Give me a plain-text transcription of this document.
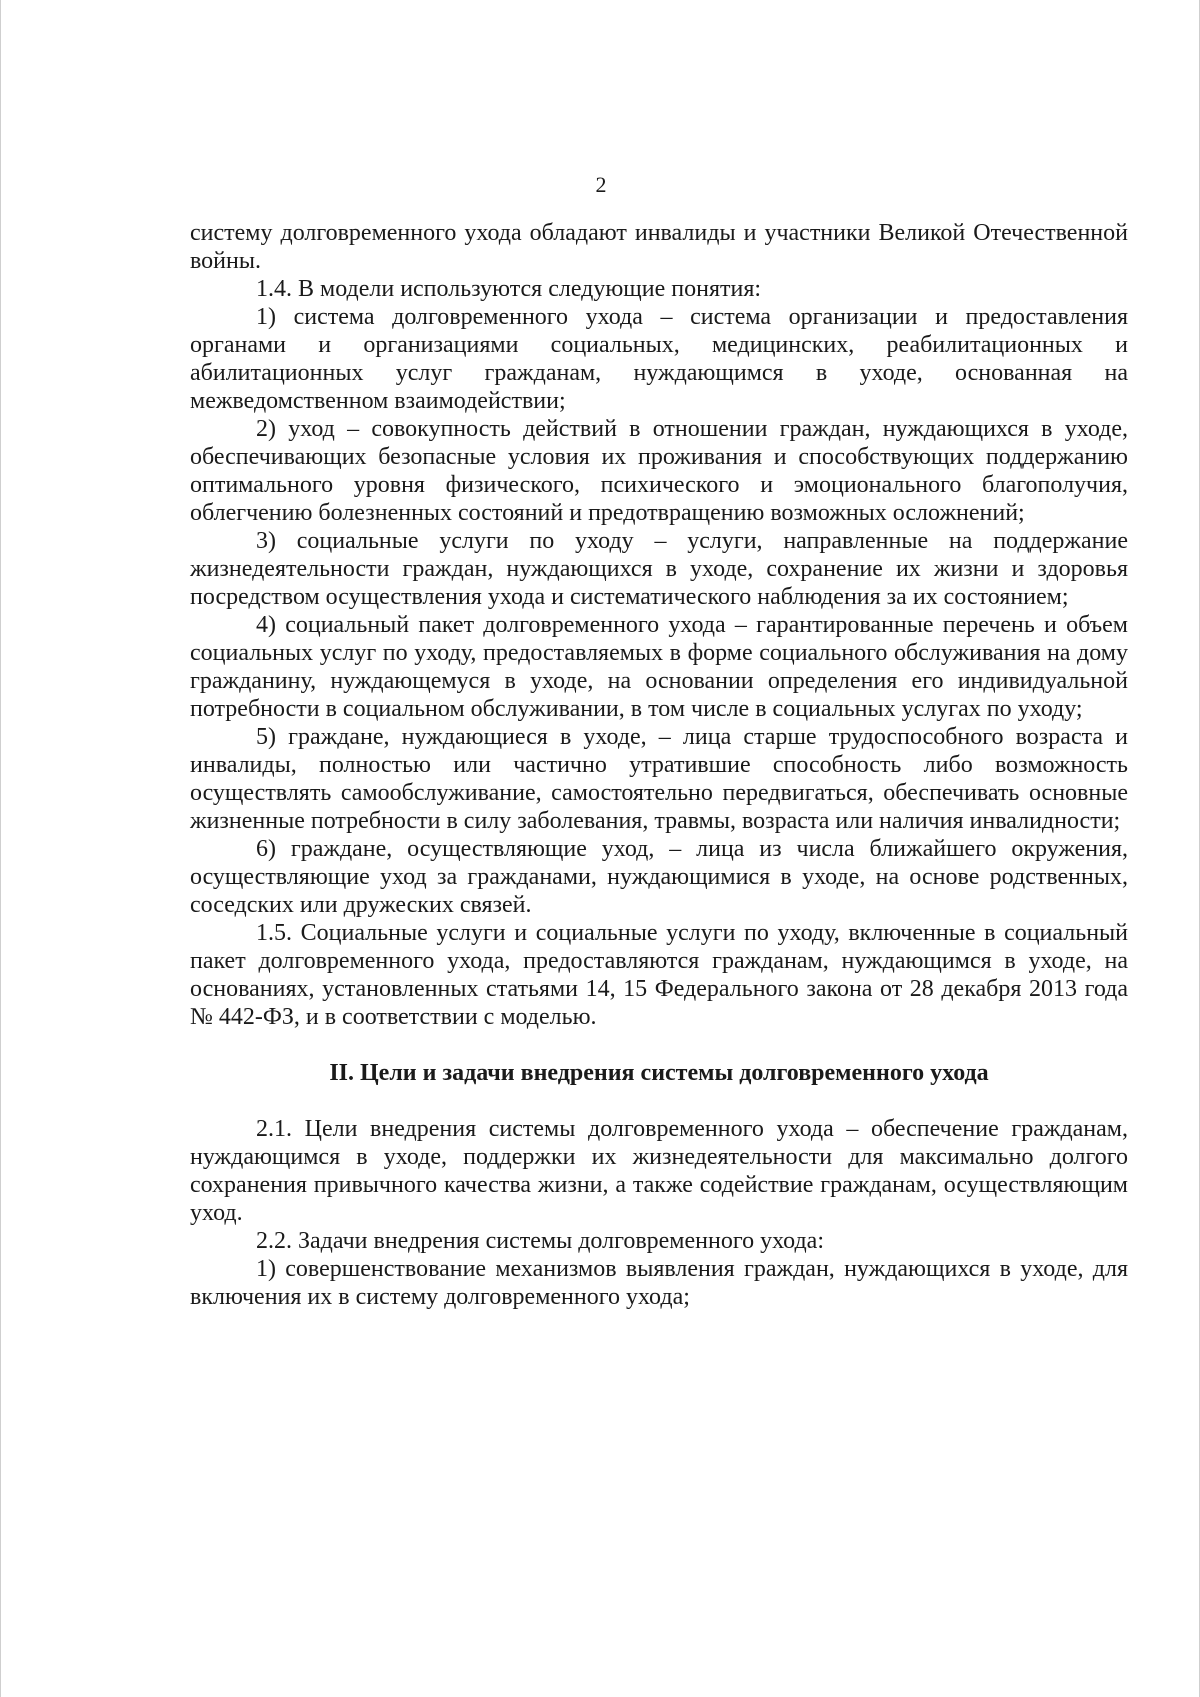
2

систему долговременного ухода обладают инвалиды и участники Великой Отечественной войны.

1.4. В модели используются следующие понятия:

1) система долговременного ухода – система организации и предоставления органами и организациями социальных, медицинских, реабилитационных и абилитационных услуг гражданам, нуждающимся в уходе, основанная на межведомственном взаимодействии;

2) уход – совокупность действий в отношении граждан, нуждающихся в уходе, обеспечивающих безопасные условия их проживания и способствующих поддержанию оптимального уровня физического, психического и эмоционального благополучия, облегчению болезненных состояний и предотвращению возможных осложнений;

3) социальные услуги по уходу – услуги, направленные на поддержание жизнедеятельности граждан, нуждающихся в уходе, сохранение их жизни и здоровья посредством осуществления ухода и систематического наблюдения за их состоянием;

4) социальный пакет долговременного ухода – гарантированные перечень и объем социальных услуг по уходу, предоставляемых в форме социального обслуживания на дому гражданину, нуждающемуся в уходе, на основании определения его индивидуальной потребности в социальном обслуживании, в том числе в социальных услугах по уходу;

5) граждане, нуждающиеся в уходе, – лица старше трудоспособного возраста и инвалиды, полностью или частично утратившие способность либо возможность осуществлять самообслуживание, самостоятельно передвигаться, обеспечивать основные жизненные потребности в силу заболевания, травмы, возраста или наличия инвалидности;

6) граждане, осуществляющие уход, – лица из числа ближайшего окружения, осуществляющие уход за гражданами, нуждающимися в уходе, на основе родственных, соседских или дружеских связей.

1.5. Социальные услуги и социальные услуги по уходу, включенные в социальный пакет долговременного ухода, предоставляются гражданам, нуждающимся в уходе, на основаниях, установленных статьями 14, 15 Федерального закона от 28 декабря 2013 года № 442-ФЗ, и в соответствии с моделью.

II. Цели и задачи внедрения системы долговременного ухода

2.1. Цели внедрения системы долговременного ухода – обеспечение гражданам, нуждающимся в уходе, поддержки их жизнедеятельности для максимально долгого сохранения привычного качества жизни, а также содействие гражданам, осуществляющим уход.

2.2. Задачи внедрения системы долговременного ухода:

1) совершенствование механизмов выявления граждан, нуждающихся в уходе, для включения их в систему долговременного ухода;
